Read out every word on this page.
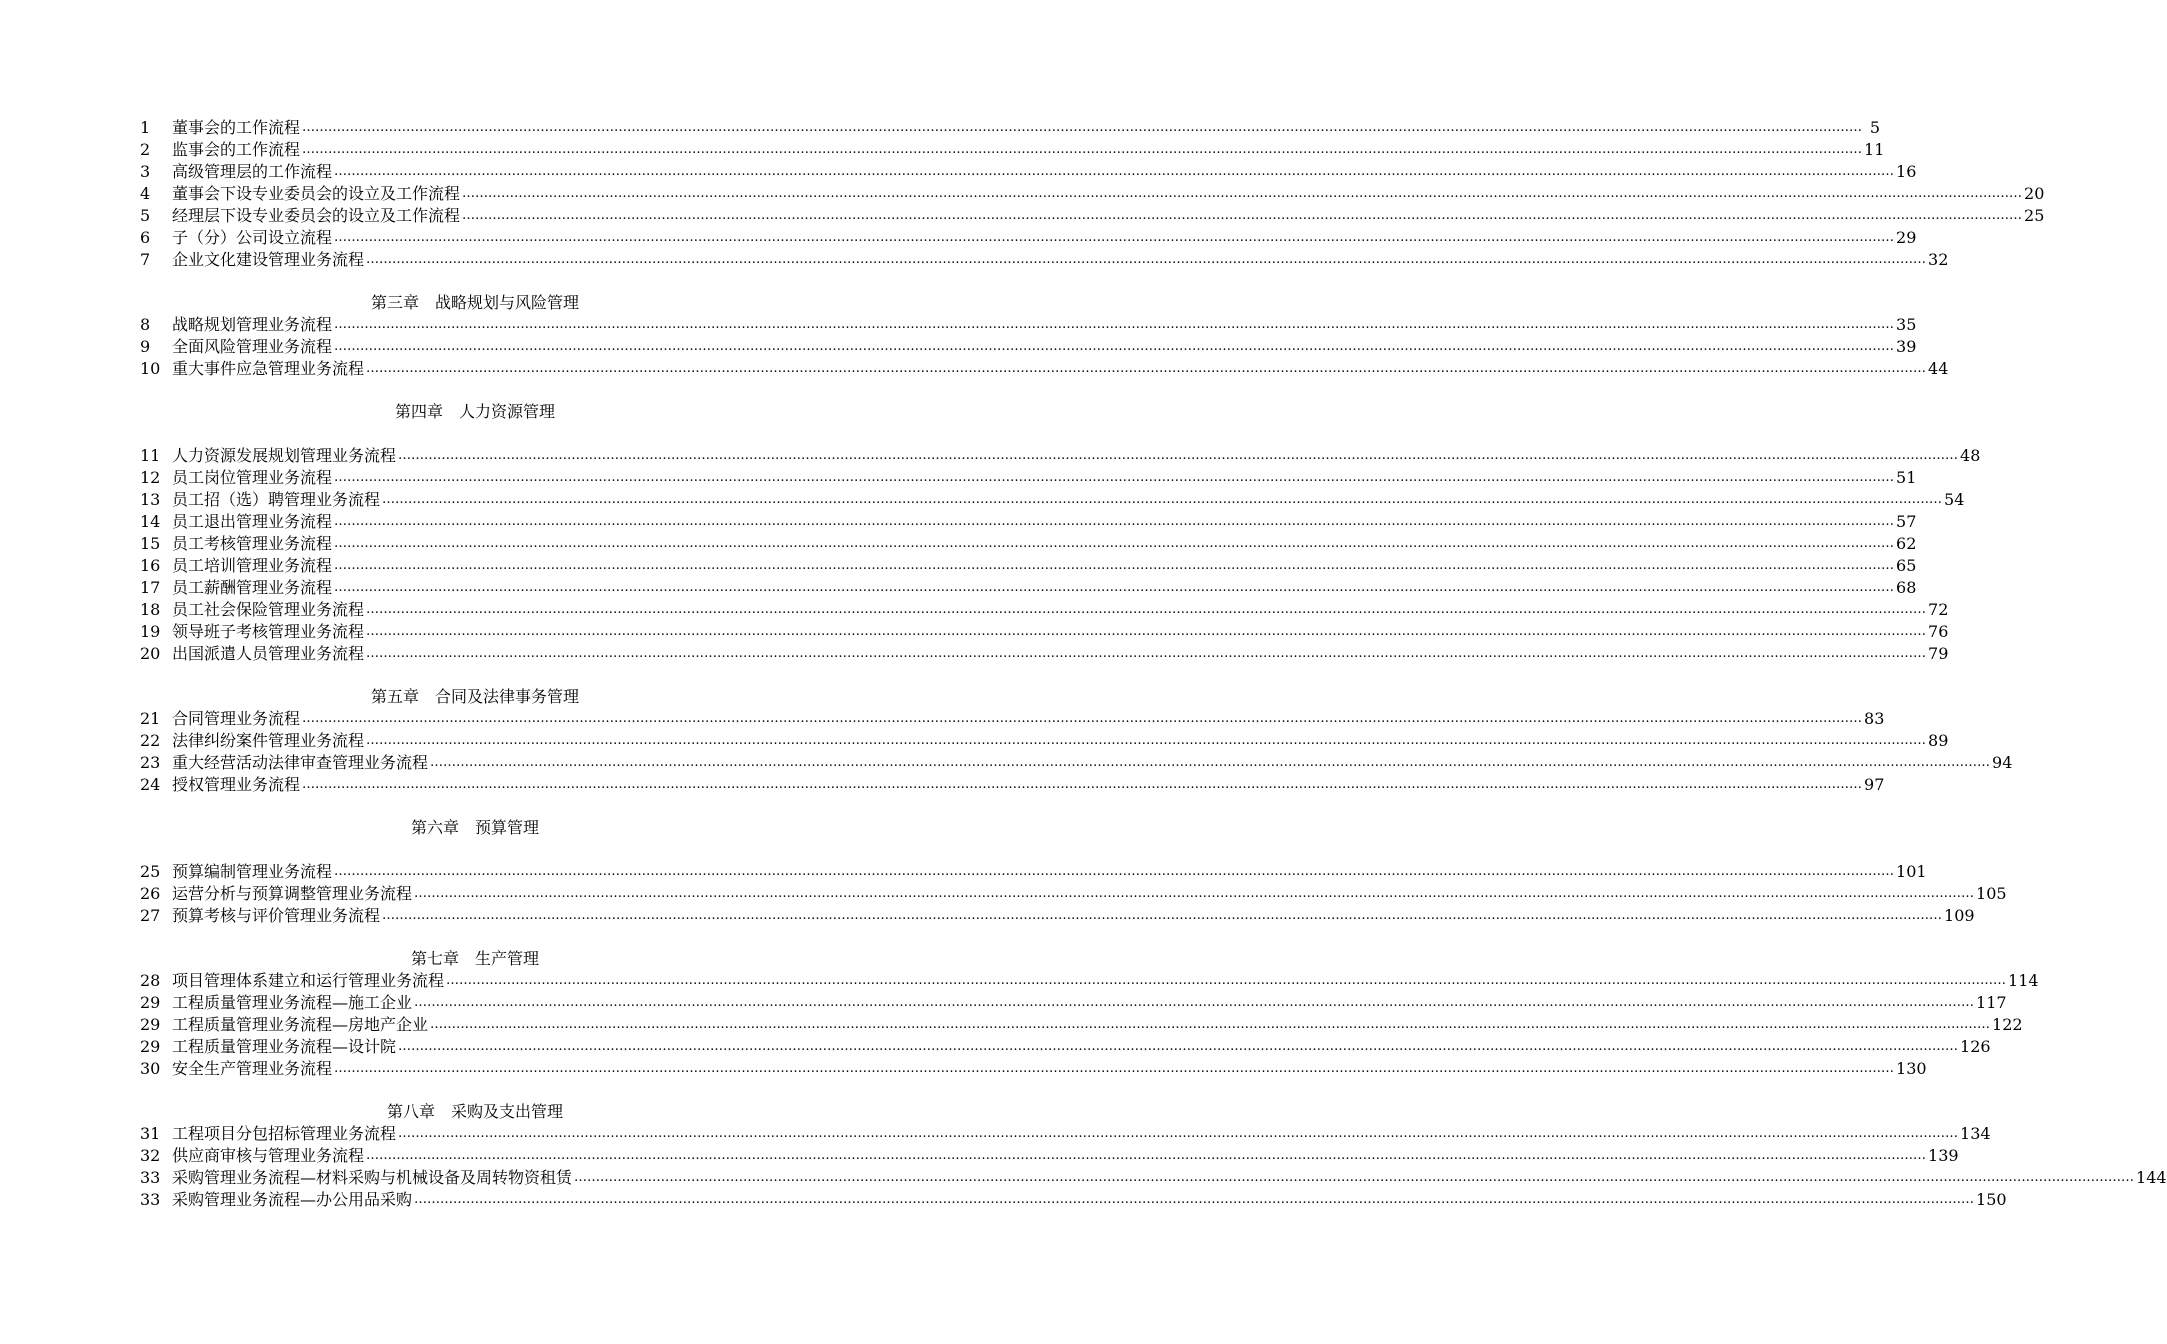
1	董事会的工作流程 ……………………………………………………………………………………………………………………………………………………………………………………………………………………………………………………………………………………………………………………………… 5
2	监事会的工作流程 ……………………………………………………………………………………………………………………………………………………………………………………………………………………………………………………………………………………………………………………………… 11
3	高级管理层的工作流程 ……………………………………………………………………………………………………………………………………………………………………………………………………………………………………………………………………………………………………………………………… 16
4	董事会下设专业委员会的设立及工作流程 ……………………………………………………………………………………………………………………………………………………………………………………………………………………………………………………………………………………………………………………………… 20
5	经理层下设专业委员会的设立及工作流程 ……………………………………………………………………………………………………………………………………………………………………………………………………………………………………………………………………………………………………………………………… 25
6	子（分）公司设立流程 ……………………………………………………………………………………………………………………………………………………………………………………………………………………………………………………………………………………………………………………………… 29
7	企业文化建设管理业务流程 ……………………………………………………………………………………………………………………………………………………………………………………………………………………………………………………………………………………………………………………………… 32
第三章　战略规划与风险管理
8	战略规划管理业务流程 ……………………………………………………………………………………………………………………………………………………………………………………………………………………………………………………………………………………………………………………………… 35
9	全面风险管理业务流程 ……………………………………………………………………………………………………………………………………………………………………………………………………………………………………………………………………………………………………………………………… 39
10 重大事件应急管理业务流程 ……………………………………………………………………………………………………………………………………………………………………………………………………………………………………………………………………………………………………………………………… 44
第四章　人力资源管理
11 人力资源发展规划管理业务流程 ……………………………………………………………………………………………………………………………………………………………………………………………………………………………………………………………………………………………………………………………… 48
12 员工岗位管理业务流程 ……………………………………………………………………………………………………………………………………………………………………………………………………………………………………………………………………………………………………………………………… 51
13 员工招（选）聘管理业务流程 ……………………………………………………………………………………………………………………………………………………………………………………………………………………………………………………………………………………………………………………………… 54
14 员工退出管理业务流程 ……………………………………………………………………………………………………………………………………………………………………………………………………………………………………………………………………………………………………………………………… 57
15 员工考核管理业务流程 ……………………………………………………………………………………………………………………………………………………………………………………………………………………………………………………………………………………………………………………………… 62
16 员工培训管理业务流程 ……………………………………………………………………………………………………………………………………………………………………………………………………………………………………………………………………………………………………………………………… 65
17 员工薪酬管理业务流程 ……………………………………………………………………………………………………………………………………………………………………………………………………………………………………………………………………………………………………………………………… 68
18 员工社会保险管理业务流程 ……………………………………………………………………………………………………………………………………………………………………………………………………………………………………………………………………………………………………………………………… 72
19 领导班子考核管理业务流程 ……………………………………………………………………………………………………………………………………………………………………………………………………………………………………………………………………………………………………………………………… 76
20 出国派遣人员管理业务流程 ……………………………………………………………………………………………………………………………………………………………………………………………………………………………………………………………………………………………………………………………… 79
第五章　合同及法律事务管理
21 合同管理业务流程 ……………………………………………………………………………………………………………………………………………………………………………………………………………………………………………………………………………………………………………………………… 83
22 法律纠纷案件管理业务流程 ……………………………………………………………………………………………………………………………………………………………………………………………………………………………………………………………………………………………………………………………… 89
23 重大经营活动法律审查管理业务流程 ……………………………………………………………………………………………………………………………………………………………………………………………………………………………………………………………………………………………………………………………… 94
24 授权管理业务流程 ……………………………………………………………………………………………………………………………………………………………………………………………………………………………………………………………………………………………………………………………… 97
第六章　预算管理
25 预算编制管理业务流程 ……………………………………………………………………………………………………………………………………………………………………………………………………………………………………………………………………………………………………………………………… 101
26 运营分析与预算调整管理业务流程 ……………………………………………………………………………………………………………………………………………………………………………………………………………………………………………………………………………………………………………………………… 105
27 预算考核与评价管理业务流程 ……………………………………………………………………………………………………………………………………………………………………………………………………………………………………………………………………………………………………………………………… 109
第七章　生产管理
28 项目管理体系建立和运行管理业务流程 ……………………………………………………………………………………………………………………………………………………………………………………………………………………………………………………………………………………………………………………………… 114
29 工程质量管理业务流程—施工企业 ……………………………………………………………………………………………………………………………………………………………………………………………………………………………………………………………………………………………………………………………… 117
29 工程质量管理业务流程—房地产企业 ……………………………………………………………………………………………………………………………………………………………………………………………………………………………………………………………………………………………………………………………… 122
29 工程质量管理业务流程—设计院 ……………………………………………………………………………………………………………………………………………………………………………………………………………………………………………………………………………………………………………………………… 126
30 安全生产管理业务流程 ……………………………………………………………………………………………………………………………………………………………………………………………………………………………………………………………………………………………………………………………… 130
第八章　采购及支出管理
31 工程项目分包招标管理业务流程 ……………………………………………………………………………………………………………………………………………………………………………………………………………………………………………………………………………………………………………………………… 134
32 供应商审核与管理业务流程 ……………………………………………………………………………………………………………………………………………………………………………………………………………………………………………………………………………………………………………………………… 139
33 采购管理业务流程—材料采购与机械设备及周转物资租赁 ……………………………………………………………………………………………………………………………………………………………………………………………………………………………………………………………………………………………………………………………… 144
33 采购管理业务流程—办公用品采购 ……………………………………………………………………………………………………………………………………………………………………………………………………………………………………………………………………………………………………………………………… 150
